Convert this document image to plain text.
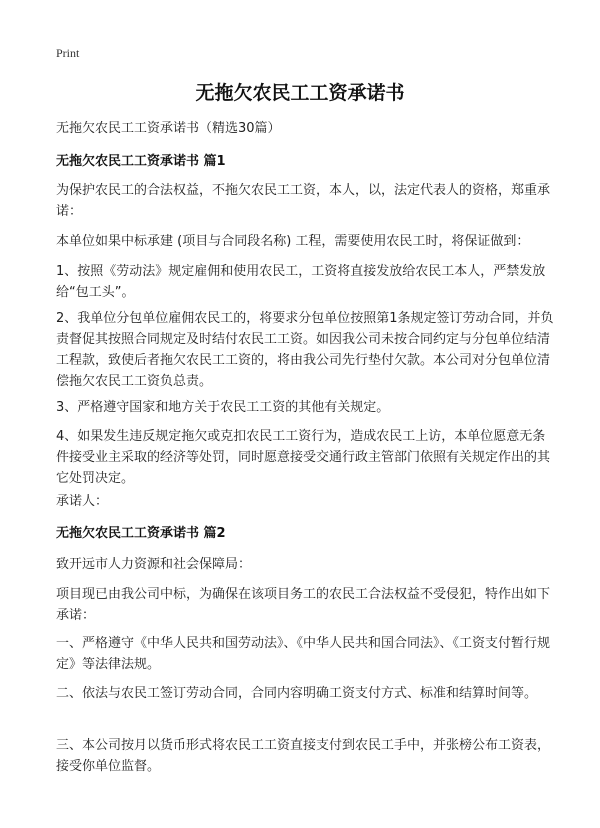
Print
无拖欠农民工工资承诺书

无拖欠农民工工资承诺书（精选30篇）

无拖欠农民工工资承诺书 篇1

为保护农民工的合法权益，不拖欠农民工工资，本人，以，法定代表人的资格，郑重承诺：

本单位如果中标承建 (项目与合同段名称) 工程，需要使用农民工时，将保证做到：

1、按照《劳动法》规定雇佣和使用农民工，工资将直接发放给农民工本人，严禁发放给“包工头”。

2、我单位分包单位雇佣农民工的，将要求分包单位按照第1条规定签订劳动合同，并负责督促其按照合同规定及时结付农民工工资。如因我公司未按合同约定与分包单位结清工程款，致使后者拖欠农民工工资的，将由我公司先行垫付欠款。本公司对分包单位清偿拖欠农民工工资负总责。

3、严格遵守国家和地方关于农民工工资的其他有关规定。

4、如果发生违反规定拖欠或克扣农民工工资行为，造成农民工上访，本单位愿意无条件接受业主采取的经济等处罚，同时愿意接受交通行政主管部门依照有关规定作出的其它处罚决定。

承诺人：

无拖欠农民工工资承诺书 篇2

致开远市人力资源和社会保障局：

项目现已由我公司中标，为确保在该项目务工的农民工合法权益不受侵犯，特作出如下承诺：

一、严格遵守《中华人民共和国劳动法》、《中华人民共和国合同法》、《工资支付暂行规定》等法律法规。

二、依法与农民工签订劳动合同，合同内容明确工资支付方式、标准和结算时间等。

三、本公司按月以货币形式将农民工工资直接支付到农民工手中，并张榜公布工资表，接受你单位监督。
